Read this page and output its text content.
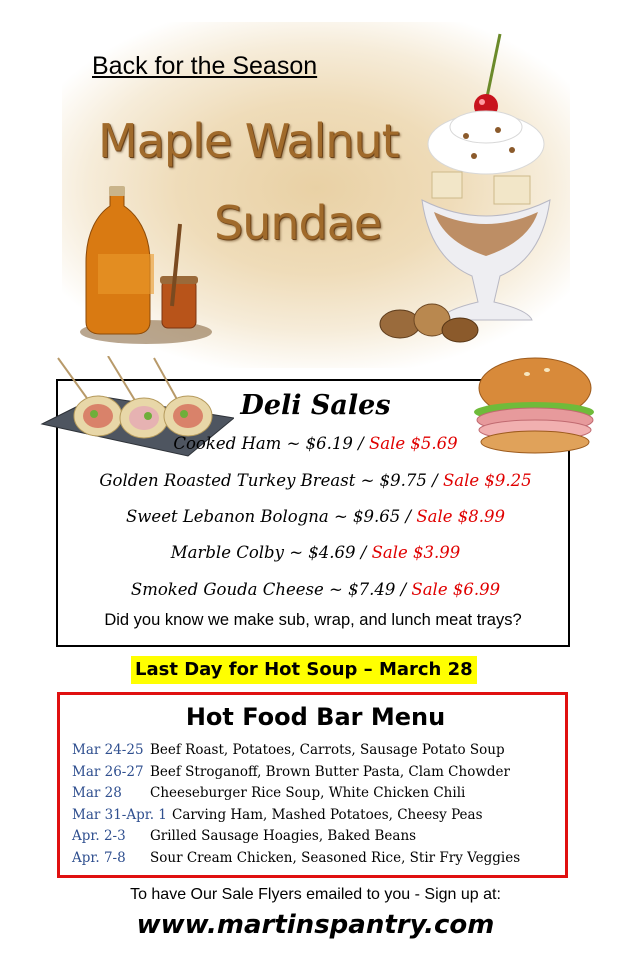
Back for the Season
Maple Walnut
Sundae
Deli Sales
Cooked Ham ~ $6.19 / Sale $5.69
Golden Roasted Turkey Breast ~ $9.75 / Sale $9.25
Sweet Lebanon Bologna ~ $9.65 / Sale $8.99
Marble Colby ~ $4.69 / Sale $3.99
Smoked Gouda Cheese ~ $7.49 / Sale $6.99
Did you know we make sub, wrap, and lunch meat trays?
Last Day for Hot Soup – March 28
Hot Food Bar Menu
Mar 24-25 Beef Roast, Potatoes, Carrots, Sausage Potato Soup
Mar 26-27 Beef Stroganoff, Brown Butter Pasta, Clam Chowder
Mar 28 Cheeseburger Rice Soup, White Chicken Chili
Mar 31-Apr. 1 Carving Ham, Mashed Potatoes, Cheesy Peas
Apr. 2-3 Grilled Sausage Hoagies, Baked Beans
Apr. 7-8 Sour Cream Chicken, Seasoned Rice, Stir Fry Veggies
To have Our Sale Flyers emailed to you - Sign up at:
www.martinspantry.com
